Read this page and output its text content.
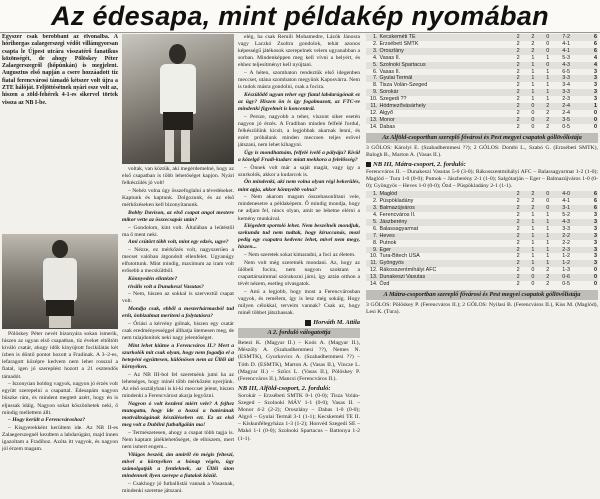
Az édesapa, mint példakép nyomában

Egyszer csak berobbant az élvonalba. A hórihorgas zalaegerszegi védőt villámgyorsan csapta le Újpest utcára visszatérő fanatikus közönségét, de ahogy Pölöskey Péter Zalaegerszegről (hőpúnkán) is megjelent. Augusztus első napján a csere hozzáadott tíz fiatal ferencvárosi támadó kétszer volt újra a ZTE hálóját. Feljöttésétnek nyári esze volt az, hiszen a zöld-fehérek 4-1-es sikervel törtek vissza az NB I-be.

Pölöskey Péter nevét bizonyára sokan ismerik, hiszen az ugyan első csapatban, tíz éveket eltöltött kiváló csatár, ahogy idők kinyújtott focikilátás két ízben is döntő pontot hozott a Fradinak. A 3–2-es, lefaragott középre kedvem nem lehet rosszul a fiatal, igen jó szereplést hozott a 21 esztendős támadót.

– Iszonyúan boldog vagyok, nagyon jó érzés volt együtt szerepelni a csapattal. Édesapám nagyon büszke rám, és mindent megtett azért, hogy én is eljussak idáig. Nagyon sokat köszönhetek neki, ő mindig mellettem állt.

– Hogy került a Ferencvároshoz?

– Kisgyerekként kerültem ide. Az NB II-es Zalaegerszegnél kezdtem a labdarúgást, majd innen igazoltam a Fradihoz. Azóta itt vagyok, és nagyon jól érzem magam.

voltak, van köztük, aki megérdemelné, hogy az első csapatban is több lehetőséget kapjon. Nyári felkészülés jó volt!

– Nehéz volna úgy összefoglalni a tévedéseket. Kaptunk és kaptunk. Dolgozunk, és az első mérkőzéseken kell bizonyítanunk.

Bobby Davison, az első csapat angol mestere mikor vette az összecsapás után?

– Gondolom, kint volt. Általában a leütéstől ma ő ment neki.

Ami csütört több volt, mint egy edzés, ugye?

– Nézze, ez mérkőzés volt, nagyszerűen a mecset valóban átgondolt ellenfelet. Ugyanúgy elfutottunk. Mint mindig, maximum az iram volt erősebb a mecskültből.

Könnyedén elintézte?

rivális volt a Dunakeszi Vasutas?

– Nem, hiszen az sokkal is szerveztül csapat volt.

Mondja csak, ebből a mesterhármasból tud erőt, önbizalmat meríteni a folytatásra?

– Óriási a kérvény gólnak, hiszen egy csatár csak eredményességgel állhatja ütemesen meg, de nem tulajdonítok neki nagy jelentőséget.

Mint lehet kiütne a Ferencváros II.? Mert a szurkolók mit csak olyan, hogy nem fogadja el a hetepéni együttesen, különösen nem az Üllői úti környéken.

– Az NB III-bol fel szeretnénk jutni ha az lehetséges, hogy minél több mérkőzést nyerjünk. Az első osztálybani is ki-ki meccset jelent, hiszen mindenki a Ferencvárost akarja legyőzni.

Nagyon ó volt kezdeni miért vele? A fejhez mutogatta, hogy ide a hozzá a hatórának motiváltságának készüléseben ezt. Ez az első meg volt a Dublini futballgálán ma!

– Természetesen, ahogy a csapat több tagja is. Nem kaptam játéklehetőséget, de elhiszem, mert nem ismert engem...

Világos beszéd, ám amiről én mégis felteszi, mivel a környéken a hónap végén, úgy számolgatják a fentieknek, az Üllői úton mindennek ilyen szerepe a fiatalok közül.

– Csakhogy jó futballistái vannak a Vasasnak, mindenki szeretne játszani.

elég, ha csak Remili Mohamedre, Lázók Jánosra vagy Laczkó Zsoltra gondolok, tehát azonos képességű játékosok szerepelnek velem ugyanabban a sorban. Mindenképpen meg kell vívni a helyért, és ehhez teljesítményt kell nyújtani.

– A héten, szombaton rendeztük első idegenben meccset, utána szombaton megyünk Kaposvárra. Nem is tudok másra gondolni, csak a focira.

Készülődő ugyan teher egy fiatal labdarúgónak ez az ügy? Hiszen ön is így fogalmazott, az FTC-re mindenki figyelmét is koncentrál.

– Persze, nagyobb a teher, viszont siker esetén nagyon jó érzés. A Fradiban minden felfelé fordul, felkészülünk kicsit, a legjobbak akarnak lenni, és ezért próbálunk minden meccsen teljes erővel játszani, nem lehet kihagyni.

Úgy is mondhatnám, felfelé ívelő a pályája? Kívül a közelgő Fradi-kudarc miatt mekkora a felelősség?

– Önnek volt már a saját magát, vagy így a szurkolók, akkor a kudarcok is.

Ön mindenki, aki nem volna olyan régi bekerülés, mint apja, akkor könnyebb volna?

– Nem akarom magam összehasonlítani vele, mindenesetre a példaképem. Ő mindig mondja, hogy ne adjam fel, nincs olyan, amit ne lehetne elérni a kemény munkával.

Elégedett sportoló lehet. Nem beszélnék mondjuk, szekunda tud nem tudtak, hogy kiruccanás, mozi pedig egy csapatra kedvenc lehet, mivel nem megy, hiszen...

– Nem szeretek sokat kimaradni, a foci az életem.

Nem volt még szeretnék mondani. Az, hogy az ülőbeli focira, nem nagyon szoktam a csapattársaimmal szórakozni járni, így aztán otthon a tévét nézem, esetleg olvasgatok.

– Ami a legjobb, hogy most a Ferencvárosban vagyok, és remélem, így is lesz még sokáig. Hogy milyen célokkal, terveim vannak? Csak az, hogy minél többet játszhassak.

Horváth M. Attila
A 2. forduló válogatottja
Retezi K. (Magyar II.) – Koós A. (Magyar II.), Mészöly A. (Szabadhemmesi ??), Nemes N. (ESMTK), Gyurkovics A. (Szabadhemmesi ??) – Tóth D. (ESMTK), Marton A. (Vasas II.), Vincze L. (Magyar II.) – Szűcs L. (Vasas II.), Pölöskey P. (Ferencváros II.), Mancsi (Ferencváros II.).
NB III, Alföld-csoport, 2. forduló:
Sorokár – Erzsébeti SMTK 0-1 (0-0); Tisza Volán-Szeged – Szolnoki MÁV 1-1 (0-0); Vasas II. – Monor 4-2 (2-2); Oroszlány – Dabas 1-0 (0-0); Algyő – Gyulai Termál 3-1 (1-1); Kecskeméti TE II. – Kiskunfélegyháza 1-3 (1-2); Honvéd Szegedi SE – Makó 1-1 (0-0); Szolnoki Spartacus – Battonya 1-2 (1-1).
1.	Kecskeméti TE	2	2	0	7-2	6
2.	Erzsébeti SMTK	2	2	0	4-1	6
3.	Oroszlány	2	2	0	4-1	6
4.	Vasas II.	2	1	1	5-3	4
5.	Szolnoki Spartacus	2	1	0	4-3	4
6.	Vasas II.	2	1	1	6-5	3
7.	Gyulai Termál	2	1	1	3-3	3
8.	Tisza Volán-Szeged	2	1	1	3-4	3
9.	Sorokár	2	1	1	3-3	3
10.	Szegedi ??	2	1	1	2-3	3
11.	Hódmezővásárhely	2	0	2	2-4	1
12.	Algyő	2	0	2	2-4	0
13.	Monor	2	0	2	3-5	0
14.	Dabas	2	0	2	0-5	0
Az Alföld-csoportban szereplő fővárosi és Pest megyei csapatok góllövőlistája
3 GÓLOS: Károlyi E. (Szabadhemmesi ??); 2 GÓLOS: Dombi L., Szabó G. (Erzsébeti SMTK), Balogh B., Marton A. (Vasas II.).
NB III, Mátra-csoport, 2. forduló:
Ferencváros II. – Dunakeszi Vasutas 5-0 (3-0); Rákosszentmihályi AFC – Balassagyarmat 1-2 (1-0); Maglód – Tura 1-0 (0-0); Putnok – Jászberény 2-1 (1-0); Salgótarján – Eger – Balmazújváros 1-0 (0-0); Gyöngyös – Heves 1-0 (0-0); Ózd – Püspökladány 2-1 (1-1).
1.	Maglód	2	2	0	4-0	6
2.	Püspökladány	2	2	0	4-1	6
3.	Balmazújváros	2	2	0	3-1	6
4.	Ferencváros II.	2	1	1	5-2	3
5.	Jászberény	2	1	1	4-3	3
6.	Balassagyarmat	2	1	1	3-3	3
7.	Heves	2	1	1	2-2	3
8.	Putnok	2	1	1	2-2	3
9.	Eger	2	1	1	2-3	3
10.	Tura-Bitech USA	2	1	1	1-2	3
11.	Gyöngyös	2	1	1	1-2	3
12.	Rákosszentmihályi AFC	2	0	2	1-3	0
13.	Dunakeszi Vasutas	2	0	2	0-6	0
14.	Ózd	2	0	2	0-5	0
A Mátra-csoportban szereplő fővárosi és Pest megyei csapatok góllövőlistája
3 GÓLOS: Pölöskey P. (Ferencváros II.); 2 GÓLOS: Nyilasi B. (Ferencváros II.), Kiss M. (Maglód), Lesi K. (Tura).
